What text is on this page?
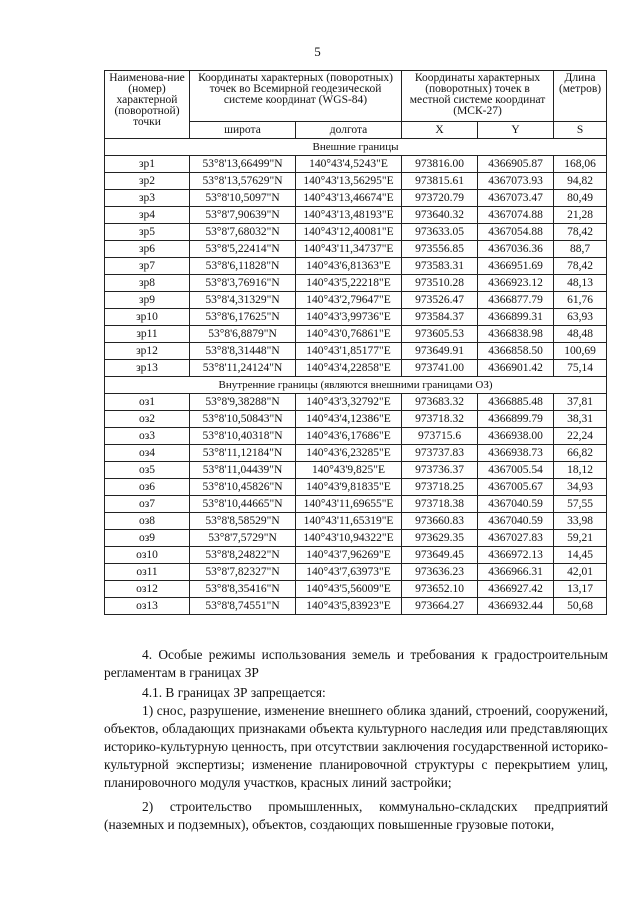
5
Наименова-ние (номер) характерной (поворотной) точки	Координаты характерных (поворотных) точек во Всемирной геодезической системе координат (WGS-84)		Координаты характерных (поворотных) точек в местной системе координат (МСК-27)		Длина (метров)
	широта	долгота	X	Y	S
Внешние границы					
зр1	53°8'13,66499"N	140°43'4,5243"E	973816.00	4366905.87	168,06
зр2	53°8'13,57629"N	140°43'13,56295"E	973815.61	4367073.93	94,82
зр3	53°8'10,5097"N	140°43'13,46674"E	973720.79	4367073.47	80,49
зр4	53°8'7,90639"N	140°43'13,48193"E	973640.32	4367074.88	21,28
зр5	53°8'7,68032"N	140°43'12,40081"E	973633.05	4367054.88	78,42
зр6	53°8'5,22414"N	140°43'11,34737"E	973556.85	4367036.36	88,7
зр7	53°8'6,11828"N	140°43'6,81363"E	973583.31	4366951.69	78,42
зр8	53°8'3,76916"N	140°43'5,22218"E	973510.28	4366923.12	48,13
зр9	53°8'4,31329"N	140°43'2,79647"E	973526.47	4366877.79	61,76
зр10	53°8'6,17625"N	140°43'3,99736"E	973584.37	4366899.31	63,93
зр11	53°8'6,8879"N	140°43'0,76861"E	973605.53	4366838.98	48,48
зр12	53°8'8,31448"N	140°43'1,85177"E	973649.91	4366858.50	100,69
зр13	53°8'11,24124"N	140°43'4,22858"E	973741.00	4366901.42	75,14
Внутренние границы (являются внешними границами ОЗ)					
оз1	53°8'9,38288"N	140°43'3,32792"E	973683.32	4366885.48	37,81
оз2	53°8'10,50843"N	140°43'4,12386"E	973718.32	4366899.79	38,31
оз3	53°8'10,40318"N	140°43'6,17686"E	973715.6	4366938.00	22,24
оз4	53°8'11,12184"N	140°43'6,23285"E	973737.83	4366938.73	66,82
оз5	53°8'11,04439"N	140°43'9,825"E	973736.37	4367005.54	18,12
оз6	53°8'10,45826"N	140°43'9,81835"E	973718.25	4367005.67	34,93
оз7	53°8'10,44665"N	140°43'11,69655"E	973718.38	4367040.59	57,55
оз8	53°8'8,58529"N	140°43'11,65319"E	973660.83	4367040.59	33,98
оз9	53°8'7,5729"N	140°43'10,94322"E	973629.35	4367027.83	59,21
оз10	53°8'8,24822"N	140°43'7,96269"E	973649.45	4366972.13	14,45
оз11	53°8'7,82327"N	140°43'7,63973"E	973636.23	4366966.31	42,01
оз12	53°8'8,35416"N	140°43'5,56009"E	973652.10	4366927.42	13,17
оз13	53°8'8,74551"N	140°43'5,83923"E	973664.27	4366932.44	50,68

4. Особые режимы использования земель и требования к градостроительным регламентам в границах ЗР

4.1. В границах ЗР запрещается:

1) снос, разрушение, изменение внешнего облика зданий, строений, сооружений, объектов, обладающих признаками объекта культурного наследия или представляющих историко-культурную ценность, при отсутствии заключения государственной историко-культурной экспертизы; изменение планировочной структуры с перекрытием улиц, планировочного модуля участков, красных линий застройки;

2) строительство промышленных, коммунально-складских предприятий (наземных и подземных), объектов, создающих повышенные грузовые потоки,
